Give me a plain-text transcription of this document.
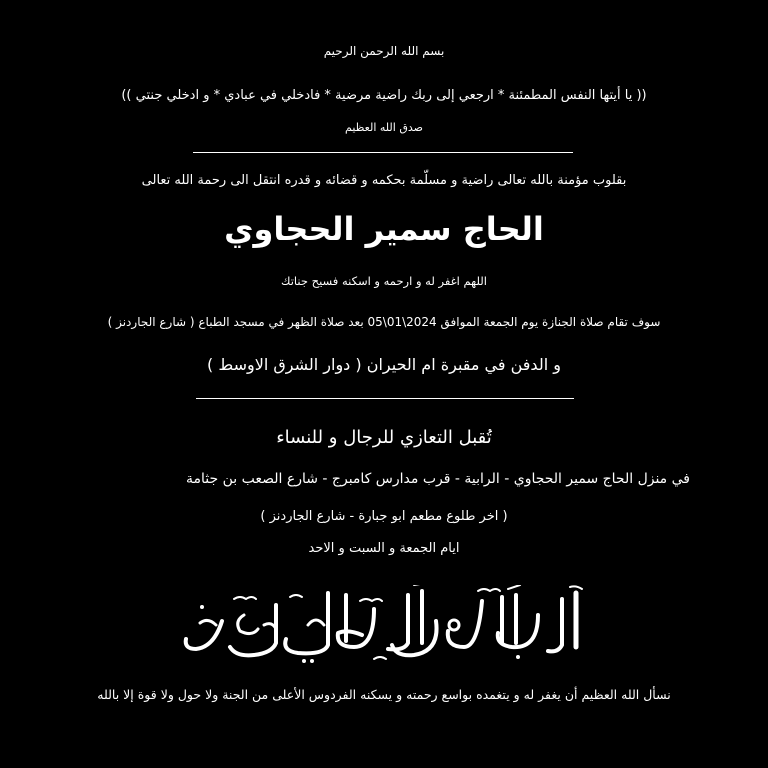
بسم الله الرحمن الرحيم
(( يا أيتها النفس المطمئنة * ارجعي إلى ربك راضية مرضية * فادخلي في عبادي * و ادخلي جنتي ))
صدق الله العظيم
بقلوب مؤمنة بالله تعالى راضية و مسلّمة بحكمه و قضائه و قدره انتقل الى رحمة الله تعالى
الحاج سمير الحجاوي
اللهم اغفر له و ارحمه و اسكنه فسيح جناتك
سوف تقام صلاة الجنازة يوم الجمعة الموافق 2024\01\05 بعد صلاة الظهر في مسجد الطباع ( شارع الجاردنز )
و الدفن في مقبرة ام الحيران ( دوار الشرق الاوسط )
تُقبل التعازي للرجال و للنساء
في منزل الحاج سمير الحجاوي - الرابية - قرب مدارس كامبرج - شارع الصعب بن جثامة
( اخر طلوع مطعم ابو جبارة - شارع الجاردنز )
ايام الجمعة و السبت و الاحد
نسأل الله العظيم أن يغفر له و يتغمده بواسع رحمته و يسكنه الفردوس الأعلى من الجنة ولا حول ولا قوة إلا بالله
